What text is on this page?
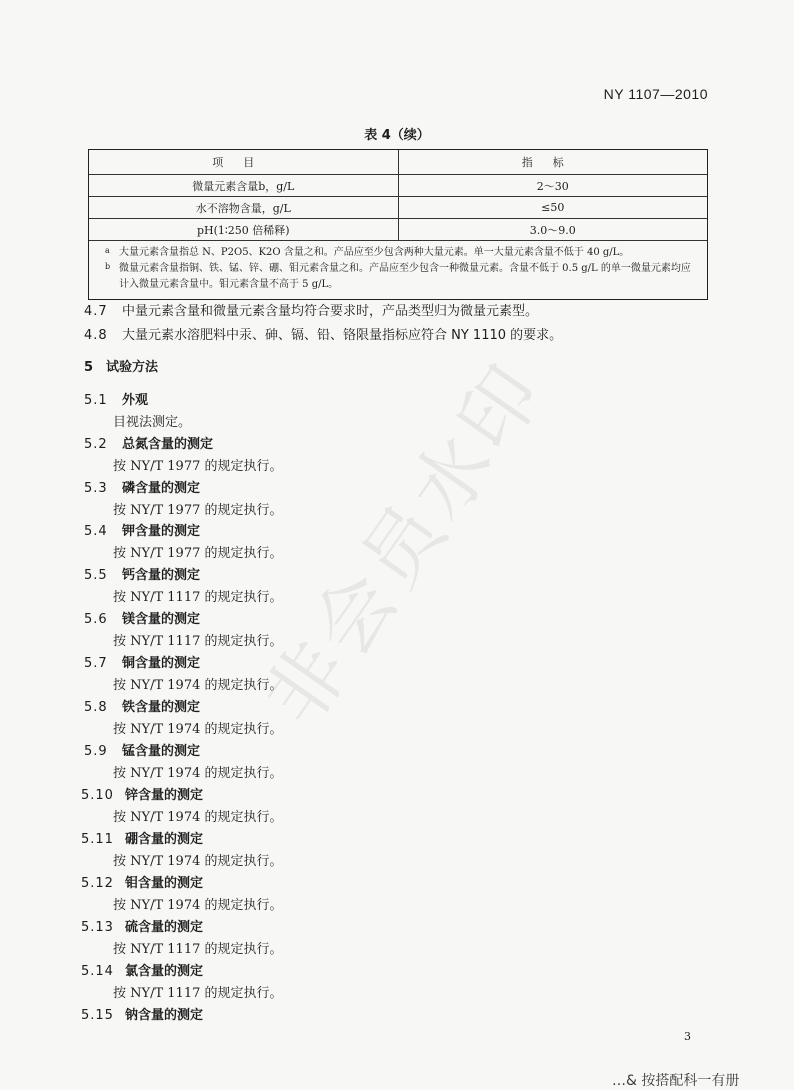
NY 1107—2010
表 4（续）
项目	指标
微量元素含量b，g/L	2～30
水不溶物含量，g/L	≤50
pH(1∶250 倍稀释)	3.0～9.0
a 大量元素含量指总 N、P2O5、K2O 含量之和。产品应至少包含两种大量元素。单一大量元素含量不低于 40 g/L。
b 微量元素含量指铜、铁、锰、锌、硼、钼元素含量之和。产品应至少包含一种微量元素。含量不低于 0.5 g/L 的单一微量元素均应计入微量元素含量中。钼元素含量不高于 5 g/L。
4.7 中量元素含量和微量元素含量均符合要求时，产品类型归为微量元素型。
4.8 大量元素水溶肥料中汞、砷、镉、铅、铬限量指标应符合 NY 1110 的要求。
5 试验方法
5.1 外观
目视法测定。
5.2 总氮含量的测定
按 NY/T 1977 的规定执行。
5.3 磷含量的测定
按 NY/T 1977 的规定执行。
5.4 钾含量的测定
按 NY/T 1977 的规定执行。
5.5 钙含量的测定
按 NY/T 1117 的规定执行。
5.6 镁含量的测定
按 NY/T 1117 的规定执行。
5.7 铜含量的测定
按 NY/T 1974 的规定执行。
5.8 铁含量的测定
按 NY/T 1974 的规定执行。
5.9 锰含量的测定
按 NY/T 1974 的规定执行。
5.10 锌含量的测定
按 NY/T 1974 的规定执行。
5.11 硼含量的测定
按 NY/T 1974 的规定执行。
5.12 钼含量的测定
按 NY/T 1974 的规定执行。
5.13 硫含量的测定
按 NY/T 1117 的规定执行。
5.14 氯含量的测定
按 NY/T 1117 的规定执行。
5.15 钠含量的测定
3
非会员水印
…& 按搭配科一有册
